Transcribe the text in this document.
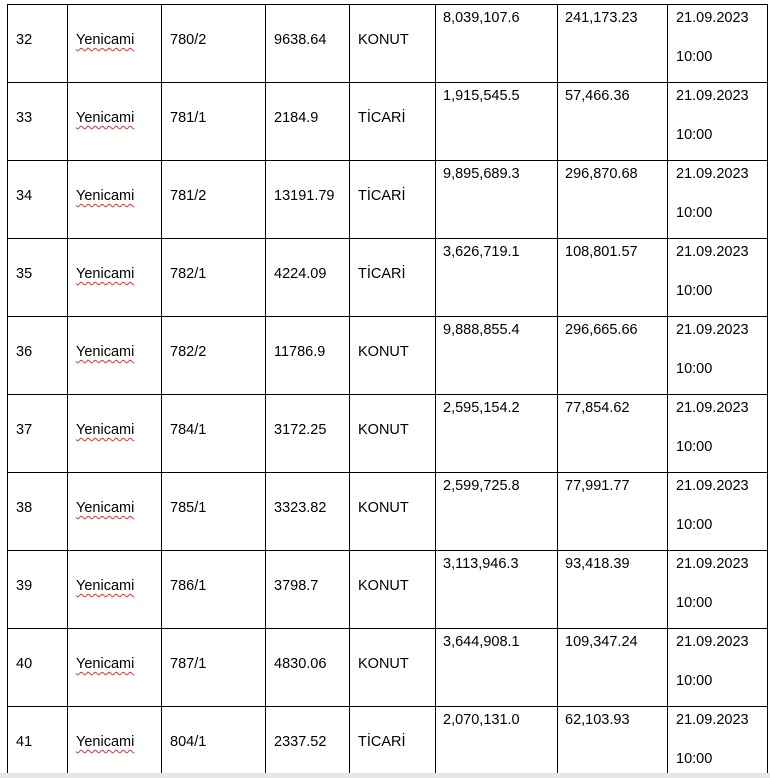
32	Yenicami	780/2	9638.64	KONUT	8,039,107.6	241,173.23	21.09.2023
10:00

33	Yenicami	781/1	2184.9	TİCARİ	1,915,545.5	57,466.36	21.09.2023
10:00

34	Yenicami	781/2	13191.79	TİCARİ	9,895,689.3	296,870.68	21.09.2023
10:00

35	Yenicami	782/1	4224.09	TİCARİ	3,626,719.1	108,801.57	21.09.2023
10:00

36	Yenicami	782/2	11786.9	KONUT	9,888,855.4	296,665.66	21.09.2023
10:00

37	Yenicami	784/1	3172.25	KONUT	2,595,154.2	77,854.62	21.09.2023
10:00

38	Yenicami	785/1	3323.82	KONUT	2,599,725.8	77,991.77	21.09.2023
10:00

39	Yenicami	786/1	3798.7	KONUT	3,113,946.3	93,418.39	21.09.2023
10:00

40	Yenicami	787/1	4830.06	KONUT	3,644,908.1	109,347.24	21.09.2023
10:00

41	Yenicami	804/1	2337.52	TİCARİ	2,070,131.0	62,103.93	21.09.2023
10:00
